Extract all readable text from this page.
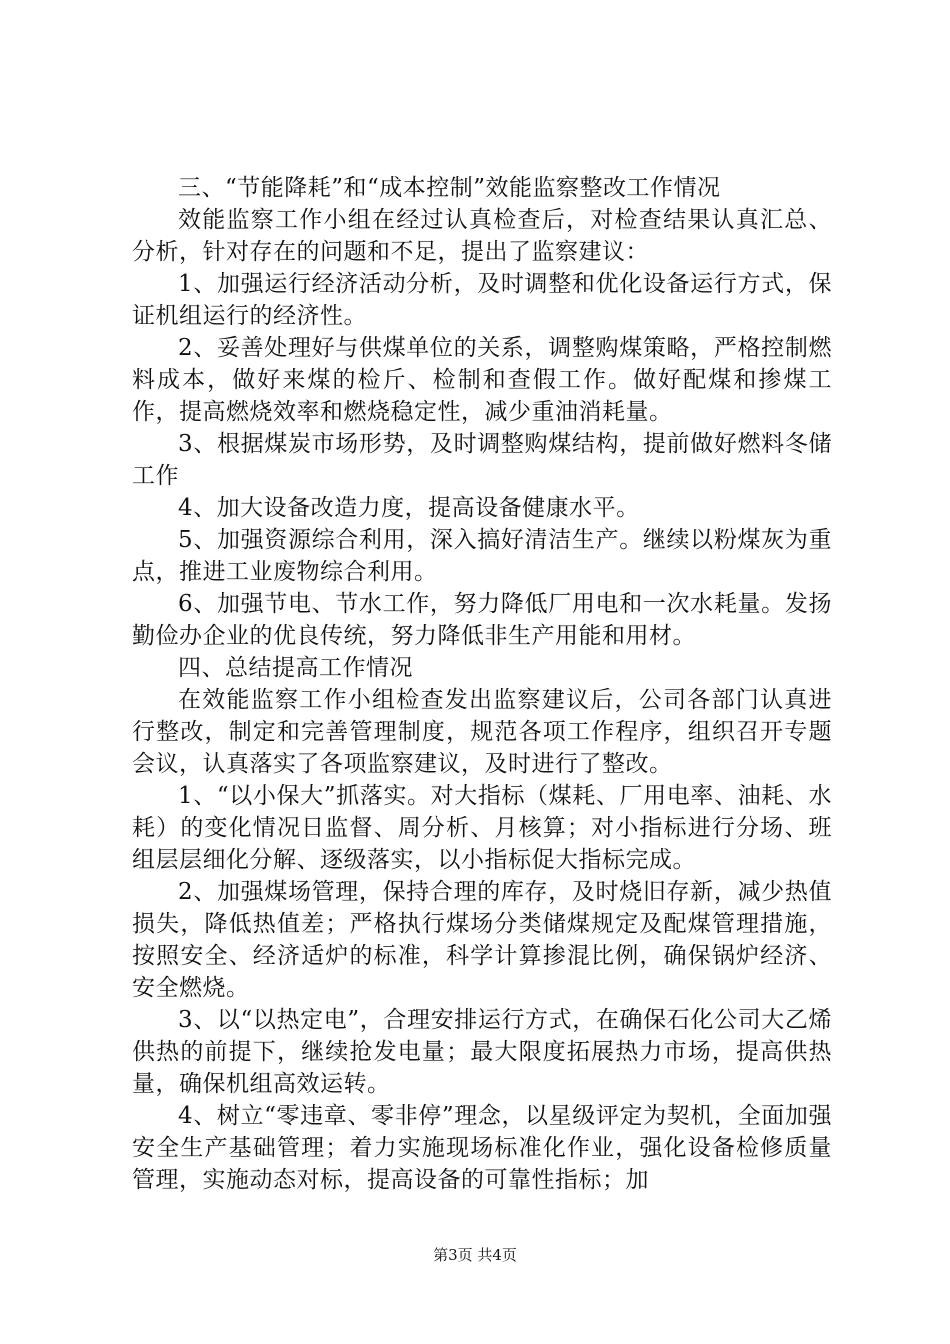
三、“节能降耗”和“成本控制”效能监察整改工作情况

效能监察工作小组在经过认真检查后，对检查结果认真汇总、分析，针对存在的问题和不足，提出了监察建议：

1、加强运行经济活动分析，及时调整和优化设备运行方式，保证机组运行的经济性。

2、妥善处理好与供煤单位的关系，调整购煤策略，严格控制燃料成本，做好来煤的检斤、检制和查假工作。做好配煤和掺煤工作，提高燃烧效率和燃烧稳定性，减少重油消耗量。

3、根据煤炭市场形势，及时调整购煤结构，提前做好燃料冬储工作

4、加大设备改造力度，提高设备健康水平。

5、加强资源综合利用，深入搞好清洁生产。继续以粉煤灰为重点，推进工业废物综合利用。

6、加强节电、节水工作，努力降低厂用电和一次水耗量。发扬勤俭办企业的优良传统，努力降低非生产用能和用材。

四、总结提高工作情况

在效能监察工作小组检查发出监察建议后，公司各部门认真进行整改，制定和完善管理制度，规范各项工作程序，组织召开专题会议，认真落实了各项监察建议，及时进行了整改。

1、“以小保大”抓落实。对大指标（煤耗、厂用电率、油耗、水耗）的变化情况日监督、周分析、月核算；对小指标进行分场、班组层层细化分解、逐级落实，以小指标促大指标完成。

2、加强煤场管理，保持合理的库存，及时烧旧存新，减少热值损失，降低热值差；严格执行煤场分类储煤规定及配煤管理措施，按照安全、经济适炉的标准，科学计算掺混比例，确保锅炉经济、安全燃烧。

3、以“以热定电”，合理安排运行方式，在确保石化公司大乙烯供热的前提下，继续抢发电量；最大限度拓展热力市场，提高供热量，确保机组高效运转。

4、树立“零违章、零非停”理念，以星级评定为契机，全面加强安全生产基础管理；着力实施现场标准化作业，强化设备检修质量管理，实施动态对标，提高设备的可靠性指标；加

第3页 共4页
